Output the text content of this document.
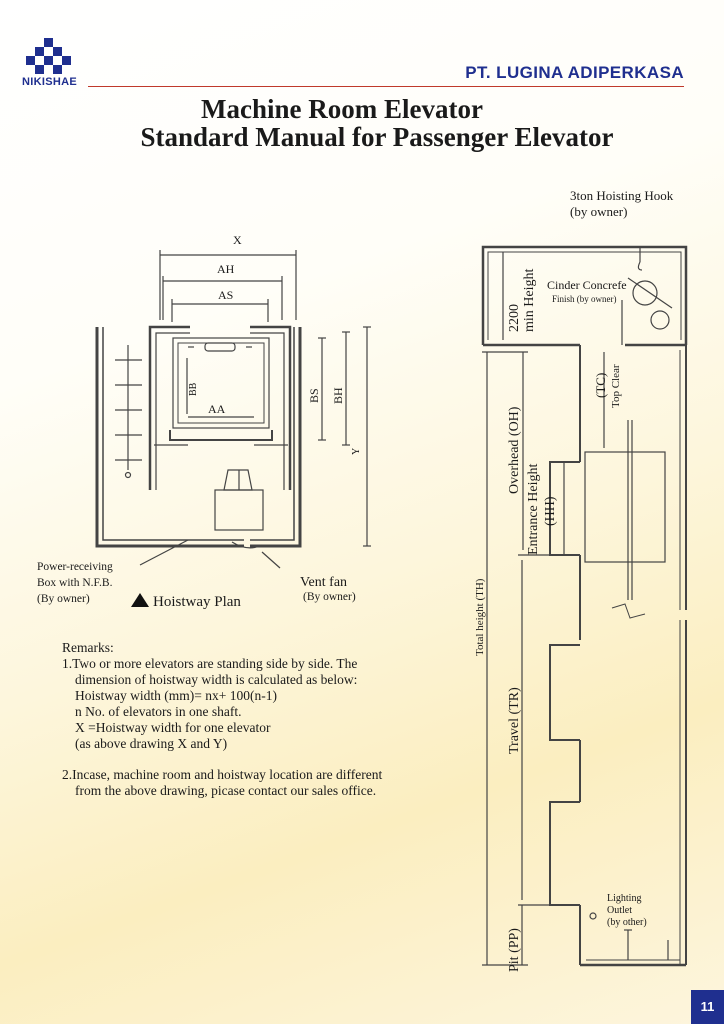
NIKISHAE	PT. LUGINA ADIPERKASA
Machine Room Elevator
Standard Manual for Passenger Elevator
X
AH
AS
BB
AA
BS BH
Y
Power-receiving
Box with N.F.B.
(By owner)	Hoistway Plan
Vent fan
(By owner)
3ton Hoisting Hook
(by owner)
Cinder Concrefe
Finish (by owner)
2200 min Height
(TC) Top Clear
Overhead (OH)
Entrance Height (HH)
Total height (TH)
Travel (TR)
Pit (PP)
Lighting
Outlet
(by other)
Remarks:
1.Two or more elevators are standing side by side. The
dimension of hoistway width is calculated as below:
Hoistway width (mm)= nx+ 100(n-1)
n No. of elevators in one shaft.
X =Hoistway width for one elevator
(as above drawing X and Y)
2.Incase, machine room and hoistway location are different
from the above drawing, picase contact our sales office.
11
